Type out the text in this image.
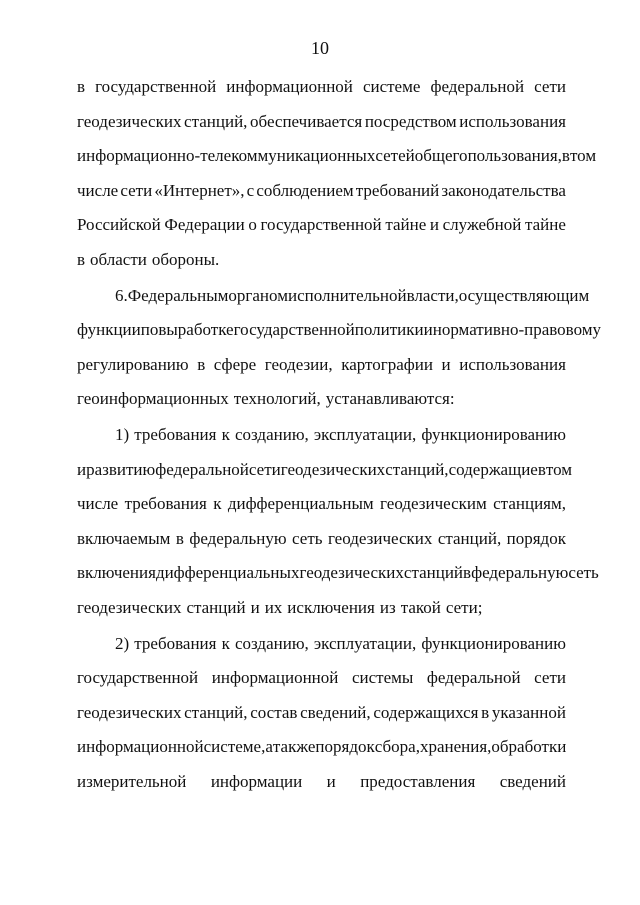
10
в государственной информационной системе федеральной сети
геодезических станций, обеспечивается посредством использования
информационно-телекоммуникационных сетей общего пользования, в том
числе сети «Интернет», с соблюдением требований законодательства
Российской Федерации о государственной тайне и служебной тайне
в области обороны.
6. Федеральным органом исполнительной власти, осуществляющим
функции по выработке государственной политики и нормативно-правовому
регулированию в сфере геодезии, картографии и использования
геоинформационных технологий, устанавливаются:
1) требования к созданию, эксплуатации, функционированию
и развитию федеральной сети геодезических станций, содержащие в том
числе требования к дифференциальным геодезическим станциям,
включаемым в федеральную сеть геодезических станций, порядок
включения дифференциальных геодезических станций в федеральную сеть
геодезических станций и их исключения из такой сети;
2) требования к созданию, эксплуатации, функционированию
государственной информационной системы федеральной сети
геодезических станций, состав сведений, содержащихся в указанной
информационной системе, а также порядок сбора, хранения, обработки
измерительной информации и предоставления сведений
